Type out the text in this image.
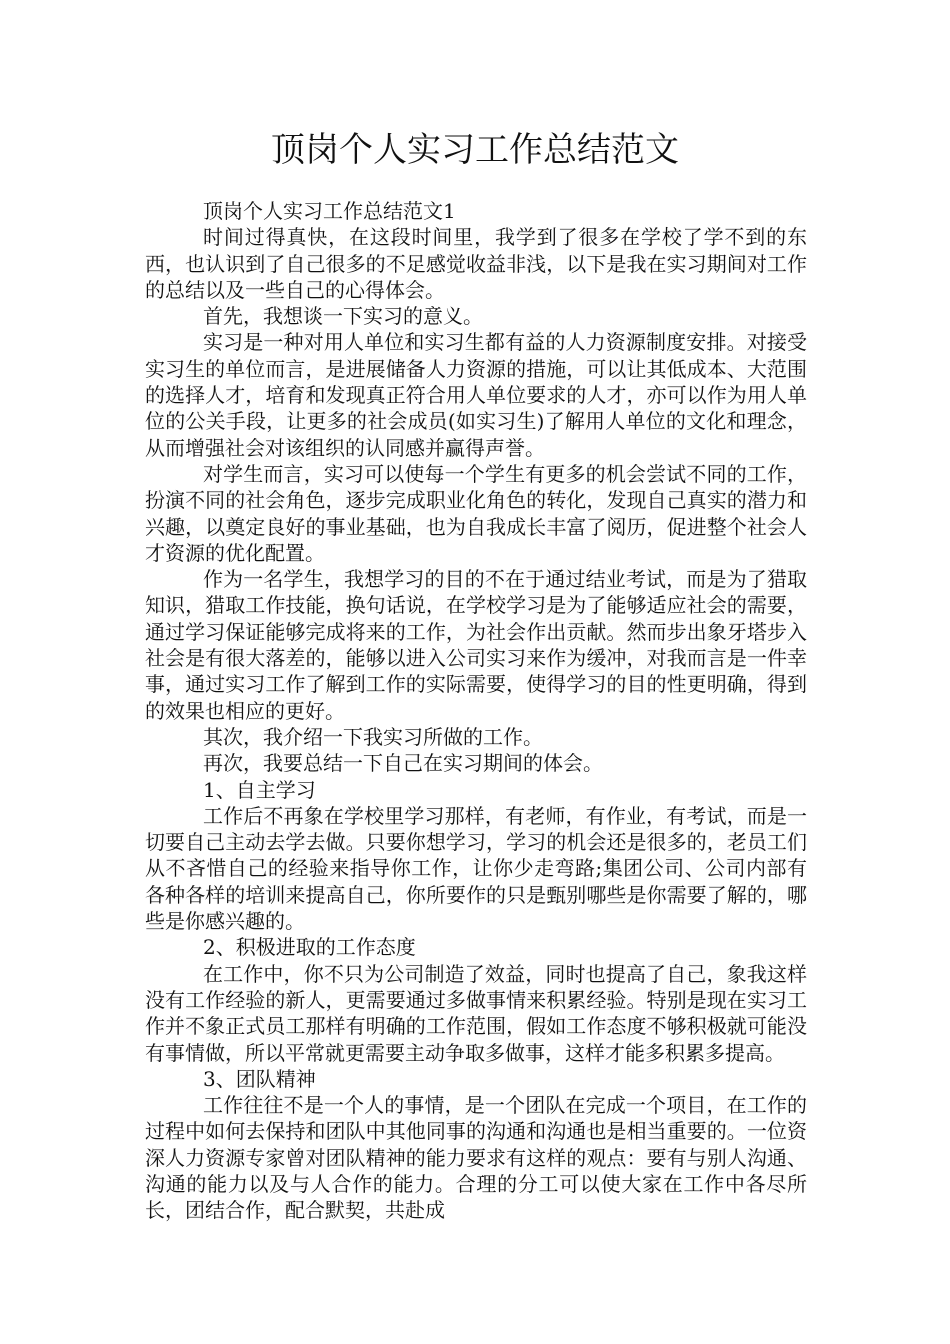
顶岗个人实习工作总结范文

顶岗个人实习工作总结范文1

时间过得真快，在这段时间里，我学到了很多在学校了学不到的东西，也认识到了自己很多的不足感觉收益非浅，以下是我在实习期间对工作的总结以及一些自己的心得体会。

首先，我想谈一下实习的意义。

实习是一种对用人单位和实习生都有益的人力资源制度安排。对接受实习生的单位而言，是进展储备人力资源的措施，可以让其低成本、大范围的选择人才，培育和发现真正符合用人单位要求的人才，亦可以作为用人单位的公关手段，让更多的社会成员(如实习生)了解用人单位的文化和理念，从而增强社会对该组织的认同感并赢得声誉。

对学生而言，实习可以使每一个学生有更多的机会尝试不同的工作，扮演不同的社会角色，逐步完成职业化角色的转化，发现自己真实的潜力和兴趣，以奠定良好的事业基础，也为自我成长丰富了阅历，促进整个社会人才资源的优化配置。

作为一名学生，我想学习的目的不在于通过结业考试，而是为了猎取知识，猎取工作技能，换句话说，在学校学习是为了能够适应社会的需要，通过学习保证能够完成将来的工作，为社会作出贡献。然而步出象牙塔步入社会是有很大落差的，能够以进入公司实习来作为缓冲，对我而言是一件幸事，通过实习工作了解到工作的实际需要，使得学习的目的性更明确，得到的效果也相应的更好。

其次，我介绍一下我实习所做的工作。

再次，我要总结一下自己在实习期间的体会。

1、自主学习

工作后不再象在学校里学习那样，有老师，有作业，有考试，而是一切要自己主动去学去做。只要你想学习，学习的机会还是很多的，老员工们从不吝惜自己的经验来指导你工作，让你少走弯路;集团公司、公司内部有各种各样的培训来提高自己，你所要作的只是甄别哪些是你需要了解的，哪些是你感兴趣的。

2、积极进取的工作态度

在工作中，你不只为公司制造了效益，同时也提高了自己，象我这样没有工作经验的新人，更需要通过多做事情来积累经验。特别是现在实习工作并不象正式员工那样有明确的工作范围，假如工作态度不够积极就可能没有事情做，所以平常就更需要主动争取多做事，这样才能多积累多提高。

3、团队精神

工作往往不是一个人的事情，是一个团队在完成一个项目，在工作的过程中如何去保持和团队中其他同事的沟通和沟通也是相当重要的。一位资深人力资源专家曾对团队精神的能力要求有这样的观点：要有与别人沟通、沟通的能力以及与人合作的能力。合理的分工可以使大家在工作中各尽所长，团结合作，配合默契，共赴成
